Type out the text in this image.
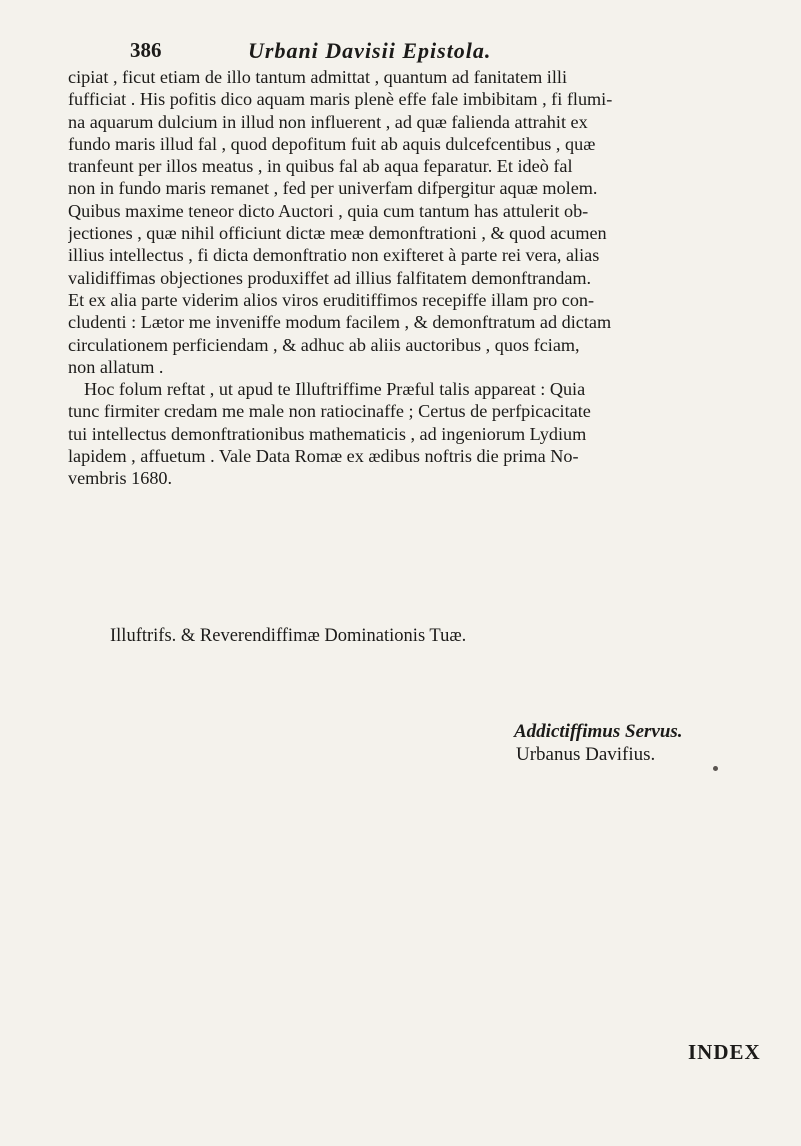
386	Urbani Davisii Epistola.
cipiat , ficut etiam de illo tantum admittat , quantum ad fanitatem illi
fufficiat . His pofitis dico aquam maris plenè effe fale imbibitam , fi flumi-
na aquarum dulcium in illud non influerent , ad quæ falienda attrahit ex
fundo maris illud fal , quod depofitum fuit ab aquis dulcefcentibus , quæ
tranfeunt per illos meatus , in quibus fal ab aqua feparatur. Et ideò fal
non in fundo maris remanet , fed per univerfam difpergitur aquæ molem.
Quibus maxime teneor dicto Auctori , quia cum tantum has attulerit ob-
jectiones , quæ nihil officiunt dictæ meæ demonftrationi , & quod acumen
illius intellectus , fi dicta demonftratio non exifteret à parte rei vera, alias
validiffimas objectiones produxiffet ad illius falfitatem demonftrandam.
Et ex alia parte viderim alios viros eruditiffimos recepiffe illam pro con-
cludenti : Lætor me inveniffe modum facilem , & demonftratum ad dictam
circulationem perficiendam , & adhuc ab aliis auctoribus , quos fciam,
non allatum .
Hoc folum reftat , ut apud te Illuftriffime Præful talis appareat : Quia
tunc firmiter credam me male non ratiocinaffe ; Certus de perfpicacitate
tui intellectus demonftrationibus mathematicis , ad ingeniorum Lydium
lapidem , affuetum . Vale Data Romæ ex ædibus noftris die prima No-
vembris 1680.
Illuftrifs. & Reverendiffimæ Dominationis Tuæ.
Addictiffimus Servus.
Urbanus Davifius.
INDEX
